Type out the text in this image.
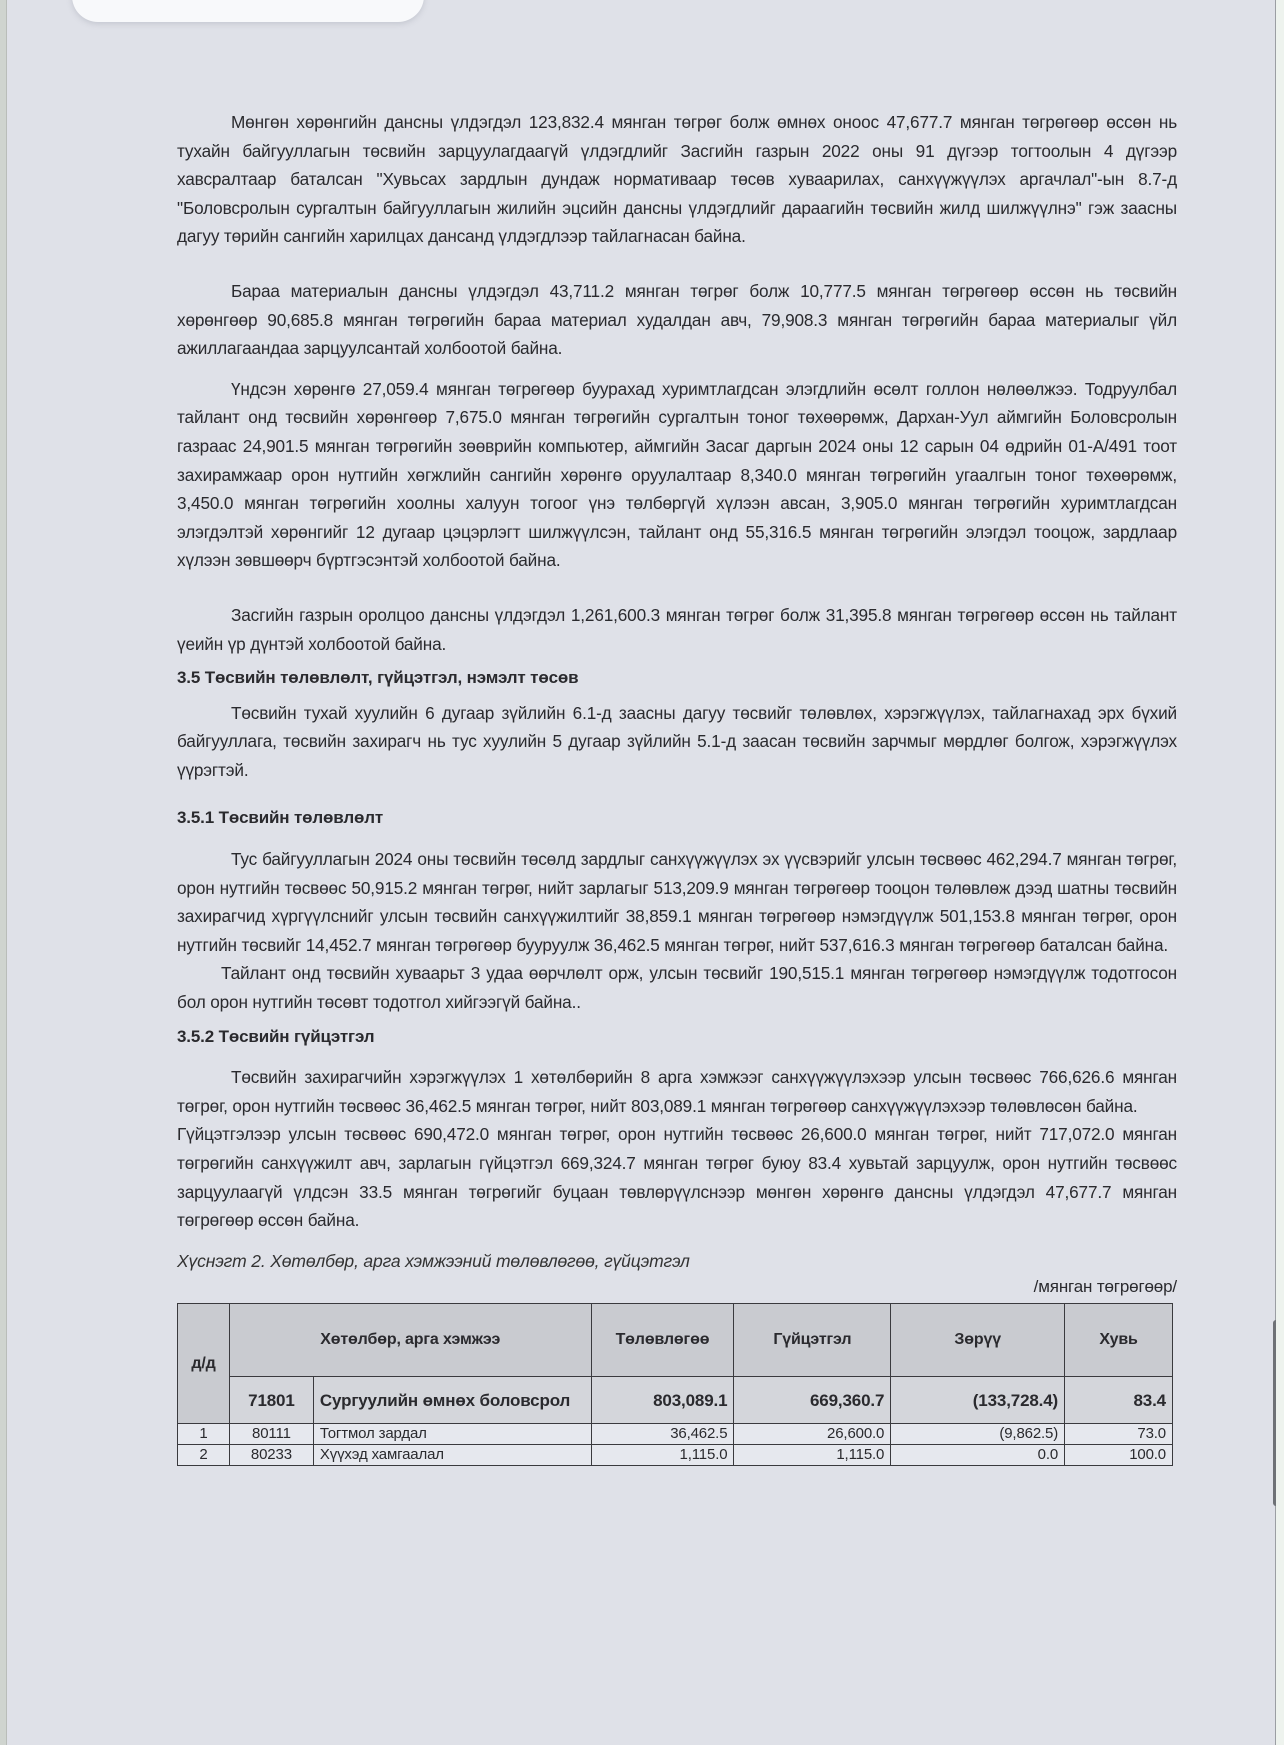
Мөнгөн хөрөнгийн дансны үлдэгдэл 123,832.4 мянган төгрөг болж өмнөх оноос 47,677.7 мянган төгрөгөөр өссөн нь тухайн байгууллагын төсвийн зарцуулагдаагүй үлдэгдлийг Засгийн газрын 2022 оны 91 дүгээр тогтоолын 4 дүгээр хавсралтаар баталсан "Хувьсах зардлын дундаж нормативаар төсөв хуваарилах, санхүүжүүлэх аргачлал"-ын 8.7-д "Боловсролын сургалтын байгууллагын жилийн эцсийн дансны үлдэгдлийг дараагийн төсвийн жилд шилжүүлнэ" гэж заасны дагуу төрийн сангийн харилцах дансанд үлдэгдлээр тайлагнасан байна.

Бараа материалын дансны үлдэгдэл 43,711.2 мянган төгрөг болж 10,777.5 мянган төгрөгөөр өссөн нь төсвийн хөрөнгөөр 90,685.8 мянган төгрөгийн бараа материал худалдан авч, 79,908.3 мянган төгрөгийн бараа материалыг үйл ажиллагаандаа зарцуулсантай холбоотой байна.

Үндсэн хөрөнгө 27,059.4 мянган төгрөгөөр буурахад хуримтлагдсан элэгдлийн өсөлт голлон нөлөөлжээ. Тодруулбал тайлант онд төсвийн хөрөнгөөр 7,675.0 мянган төгрөгийн сургалтын тоног төхөөрөмж, Дархан-Уул аймгийн Боловсролын газраас 24,901.5 мянган төгрөгийн зөөврийн компьютер, аймгийн Засаг даргын 2024 оны 12 сарын 04 өдрийн 01-А/491 тоот захирамжаар орон нутгийн хөгжлийн сангийн хөрөнгө оруулалтаар 8,340.0 мянган төгрөгийн угаалгын тоног төхөөрөмж, 3,450.0 мянган төгрөгийн хоолны халуун тогоог үнэ төлбөргүй хүлээн авсан, 3,905.0 мянган төгрөгийн хуримтлагдсан элэгдэлтэй хөрөнгийг 12 дугаар цэцэрлэгт шилжүүлсэн, тайлант онд 55,316.5 мянган төгрөгийн элэгдэл тооцож, зардлаар хүлээн зөвшөөрч бүртгэсэнтэй холбоотой байна.

Засгийн газрын оролцоо дансны үлдэгдэл 1,261,600.3 мянган төгрөг болж 31,395.8 мянган төгрөгөөр өссөн нь тайлант үеийн үр дүнтэй холбоотой байна.

3.5 Төсвийн төлөвлөлт, гүйцэтгэл, нэмэлт төсөв

Төсвийн тухай хуулийн 6 дугаар зүйлийн 6.1-д заасны дагуу төсвийг төлөвлөх, хэрэгжүүлэх, тайлагнахад эрх бүхий байгууллага, төсвийн захирагч нь тус хуулийн 5 дугаар зүйлийн 5.1-д заасан төсвийн зарчмыг мөрдлөг болгож, хэрэгжүүлэх үүрэгтэй.

3.5.1 Төсвийн төлөвлөлт

Тус байгууллагын 2024 оны төсвийн төсөлд зардлыг санхүүжүүлэх эх үүсвэрийг улсын төсвөөс 462,294.7 мянган төгрөг, орон нутгийн төсвөөс 50,915.2 мянган төгрөг, нийт зарлагыг 513,209.9 мянган төгрөгөөр тооцон төлөвлөж дээд шатны төсвийн захирагчид хүргүүлснийг улсын төсвийн санхүүжилтийг 38,859.1 мянган төгрөгөөр нэмэгдүүлж 501,153.8 мянган төгрөг, орон нутгийн төсвийг 14,452.7 мянган төгрөгөөр бууруулж 36,462.5 мянган төгрөг, нийт 537,616.3 мянган төгрөгөөр баталсан байна.

Тайлант онд төсвийн хуваарьт 3 удаа өөрчлөлт орж, улсын төсвийг 190,515.1 мянган төгрөгөөр нэмэгдүүлж тодотгосон бол орон нутгийн төсөвт тодотгол хийгээгүй байна..

3.5.2 Төсвийн гүйцэтгэл

Төсвийн захирагчийн хэрэгжүүлэх 1 хөтөлбөрийн 8 арга хэмжээг санхүүжүүлэхээр улсын төсвөөс 766,626.6 мянган төгрөг, орон нутгийн төсвөөс 36,462.5 мянган төгрөг, нийт 803,089.1 мянган төгрөгөөр санхүүжүүлэхээр төлөвлөсөн байна.

Гүйцэтгэлээр улсын төсвөөс 690,472.0 мянган төгрөг, орон нутгийн төсвөөс 26,600.0 мянган төгрөг, нийт 717,072.0 мянган төгрөгийн санхүүжилт авч, зарлагын гүйцэтгэл 669,324.7 мянган төгрөг буюу 83.4 хувьтай зарцуулж, орон нутгийн төсвөөс зарцуулаагүй үлдсэн 33.5 мянган төгрөгийг буцаан төвлөрүүлснээр мөнгөн хөрөнгө дансны үлдэгдэл 47,677.7 мянган төгрөгөөр өссөн байна.

Хүснэгт 2. Хөтөлбөр, арга хэмжээний төлөвлөгөө, гүйцэтгэл

/мянган төгрөгөөр/

д/д	Хөтөлбөр, арга хэмжээ		Төлөвлөгөө	Гүйцэтгэл	Зөрүү	Хувь
	71801	Сургуулийн өмнөх боловсрол	803,089.1	669,360.7	(133,728.4)	83.4
1	80111	Тогтмол зардал	36,462.5	26,600.0	(9,862.5)	73.0
2	80233	Хүүхэд хамгаалал	1,115.0	1,115.0	0.0	100.0
